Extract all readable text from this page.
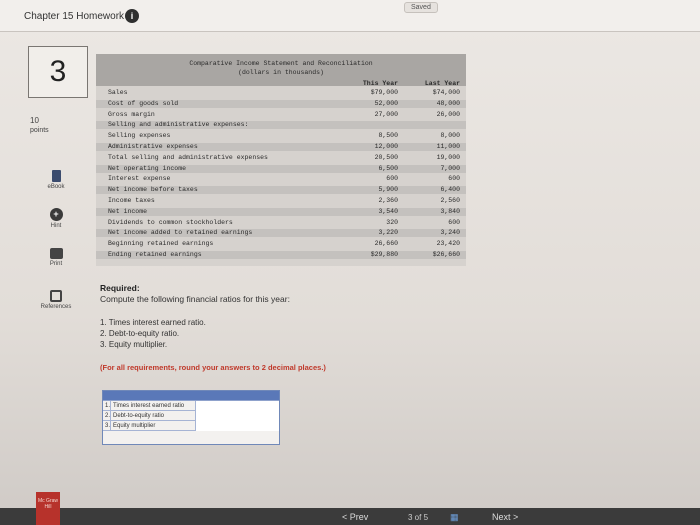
Chapter 15 Homework i
Saved
3
10
points
eBook
+
Hint
Print
References
Comparative Income Statement and Reconciliation
(dollars in thousands)
This Year	Last Year
Sales	$79,000	$74,000
Cost of goods sold	52,000	48,000
Gross margin	27,000	26,000
Selling and administrative expenses:
Selling expenses	8,500	8,000
Administrative expenses	12,000	11,000
Total selling and administrative expenses	20,500	19,000
Net operating income	6,500	7,000
Interest expense	600	600
Net income before taxes	5,900	6,400
Income taxes	2,360	2,560
Net income	3,540	3,840
Dividends to common stockholders	320	600
Net income added to retained earnings	3,220	3,240
Beginning retained earnings	26,660	23,420
Ending retained earnings	$29,880	$26,660
Required:
Compute the following financial ratios for this year:
1. Times interest earned ratio.
2. Debt-to-equity ratio.
3. Equity multiplier.
(For all requirements, round your answers to 2 decimal places.)
1. Times interest earned ratio
2. Debt-to-equity ratio
3. Equity multiplier
Mc Graw Hill
< Prev	3 of 5 ▦	Next >
